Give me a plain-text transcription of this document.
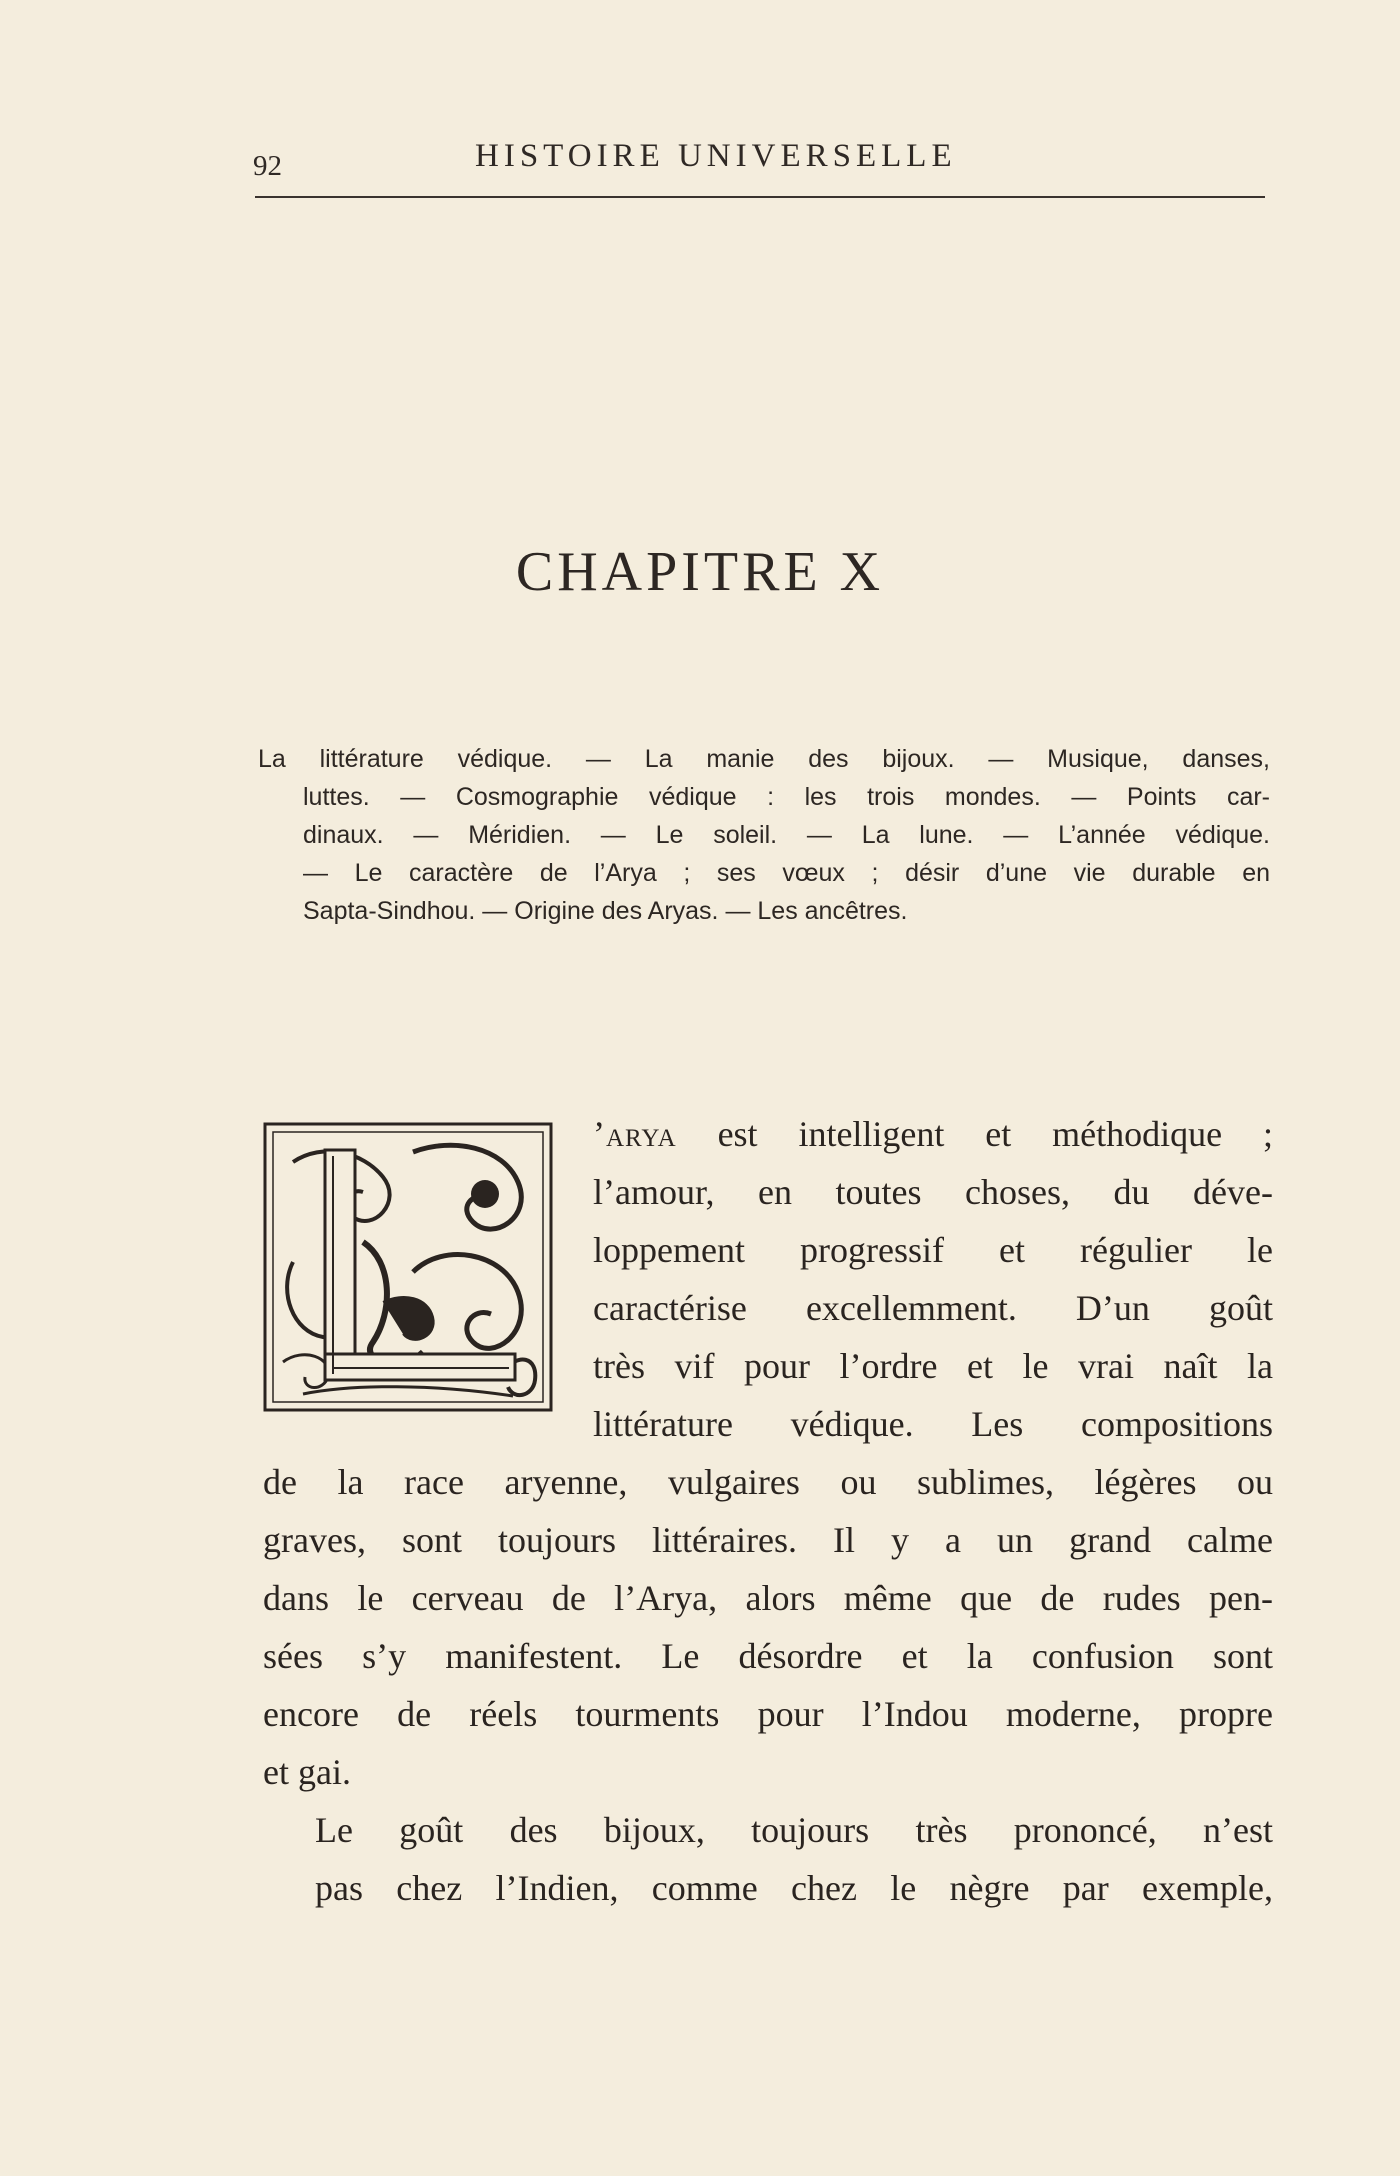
92	HISTOIRE UNIVERSELLE
CHAPITRE X
La littérature védique. — La manie des bijoux. — Musique, danses,
luttes. — Cosmographie védique : les trois mondes. — Points car-
dinaux. — Méridien. — Le soleil. — La lune. — L’année védique.
— Le caractère de l’Arya ; ses vœux ; désir d’une vie durable en
Sapta-Sindhou. — Origine des Aryas. — Les ancêtres.
’arya est intelligent et méthodique ;
l’amour, en toutes choses, du déve-
loppement progressif et régulier le
caractérise excellemment. D’un goût
très vif pour l’ordre et le vrai naît la
littérature védique. Les compositions
de la race aryenne, vulgaires ou sublimes, légères ou
graves, sont toujours littéraires. Il y a un grand calme
dans le cerveau de l’Arya, alors même que de rudes pen-
sées s’y manifestent. Le désordre et la confusion sont
encore de réels tourments pour l’Indou moderne, propre
et gai.
Le goût des bijoux, toujours très prononcé, n’est
pas chez l’Indien, comme chez le nègre par exemple,
